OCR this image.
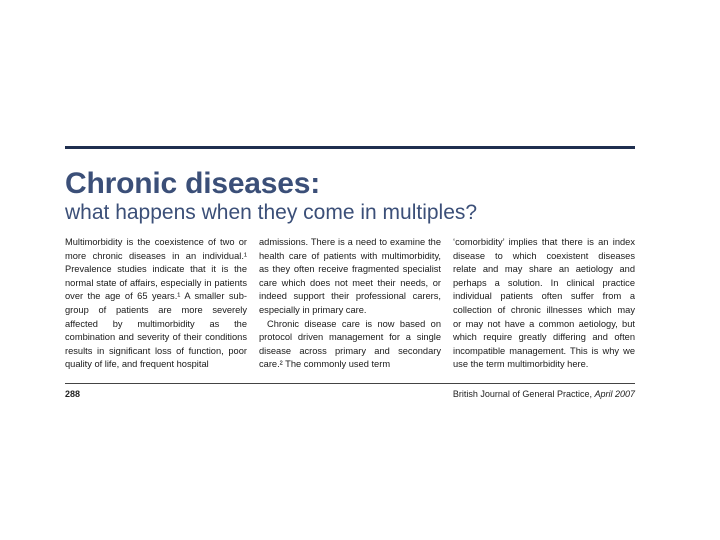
Chronic diseases:
what happens when they come in multiples?

Multimorbidity is the coexistence of two or
more chronic diseases in an individual.¹
Prevalence studies indicate that it is the
normal state of affairs, especially in patients
over the age of 65 years.¹ A smaller sub-
group of patients are more severely
affected by multimorbidity as the
combination and severity of their conditions
results in significant loss of function, poor
quality of life, and frequent hospital

admissions. There is a need to examine the
health care of patients with multimorbidity,
as they often receive fragmented specialist
care which does not meet their needs, or
indeed support their professional carers,
especially in primary care.
Chronic disease care is now based on
protocol driven management for a single
disease across primary and secondary
care.² The commonly used term

‘comorbidity’ implies that there is an index
disease to which coexistent diseases
relate and may share an aetiology and
perhaps a solution. In clinical practice
individual patients often suffer from a
collection of chronic illnesses which may
or may not have a common aetiology, but
which require greatly differing and often
incompatible management. This is why we
use the term multimorbidity here.

288	British Journal of General Practice, April 2007
